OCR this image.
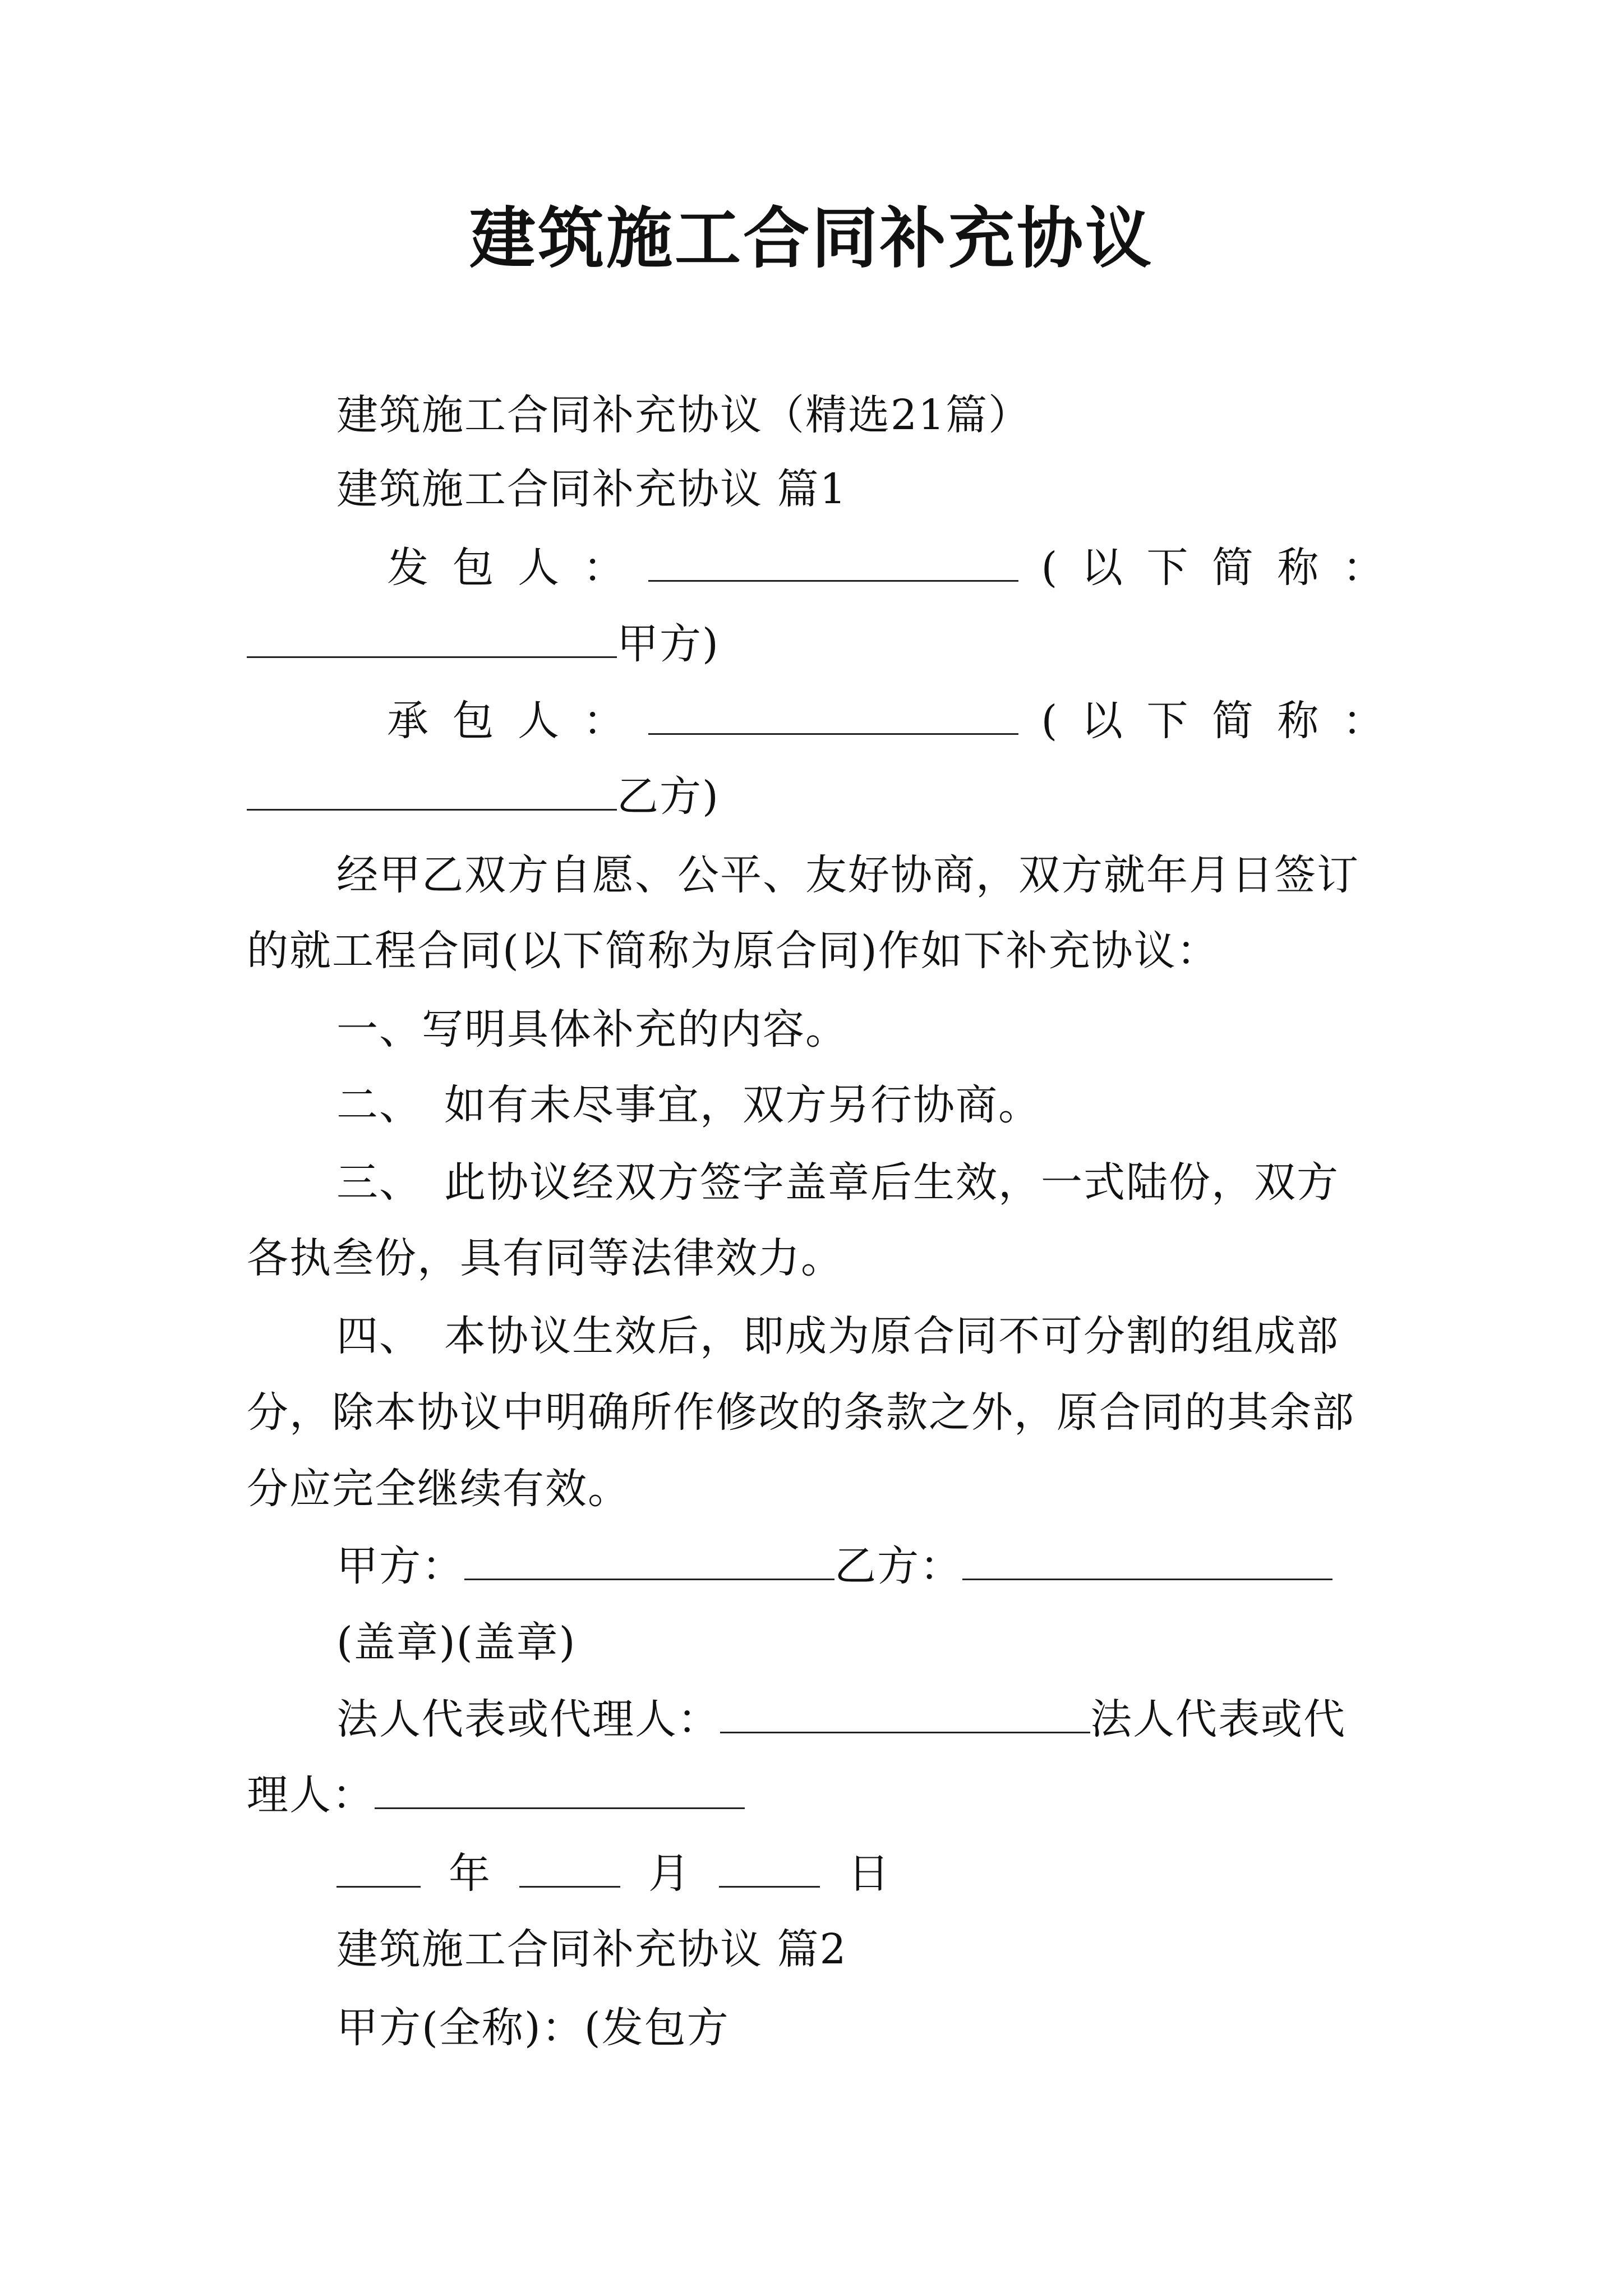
建筑施工合同补充协议
建筑施工合同补充协议（精选21篇）
建筑施工合同补充协议 篇1
发 包 人 ：	( 以 下 简 称 ：
甲方)
承 包 人 ：	( 以 下 简 称 ：
乙方)
经甲乙双方自愿、公平、友好协商，双方就年月日签订
的就工程合同(以下简称为原合同)作如下补充协议：
一、写明具体补充的内容。
二、 如有未尽事宜，双方另行协商。
三、 此协议经双方签字盖章后生效，一式陆份，双方
各执叁份，具有同等法律效力。
四、 本协议生效后，即成为原合同不可分割的组成部
分，除本协议中明确所作修改的条款之外，原合同的其余部
分应完全继续有效。
甲方：	乙方：
(盖章)(盖章)
法人代表或代理人：	法人代表或代
理人：
年	月	日
建筑施工合同补充协议 篇2
甲方(全称)：(发包方
